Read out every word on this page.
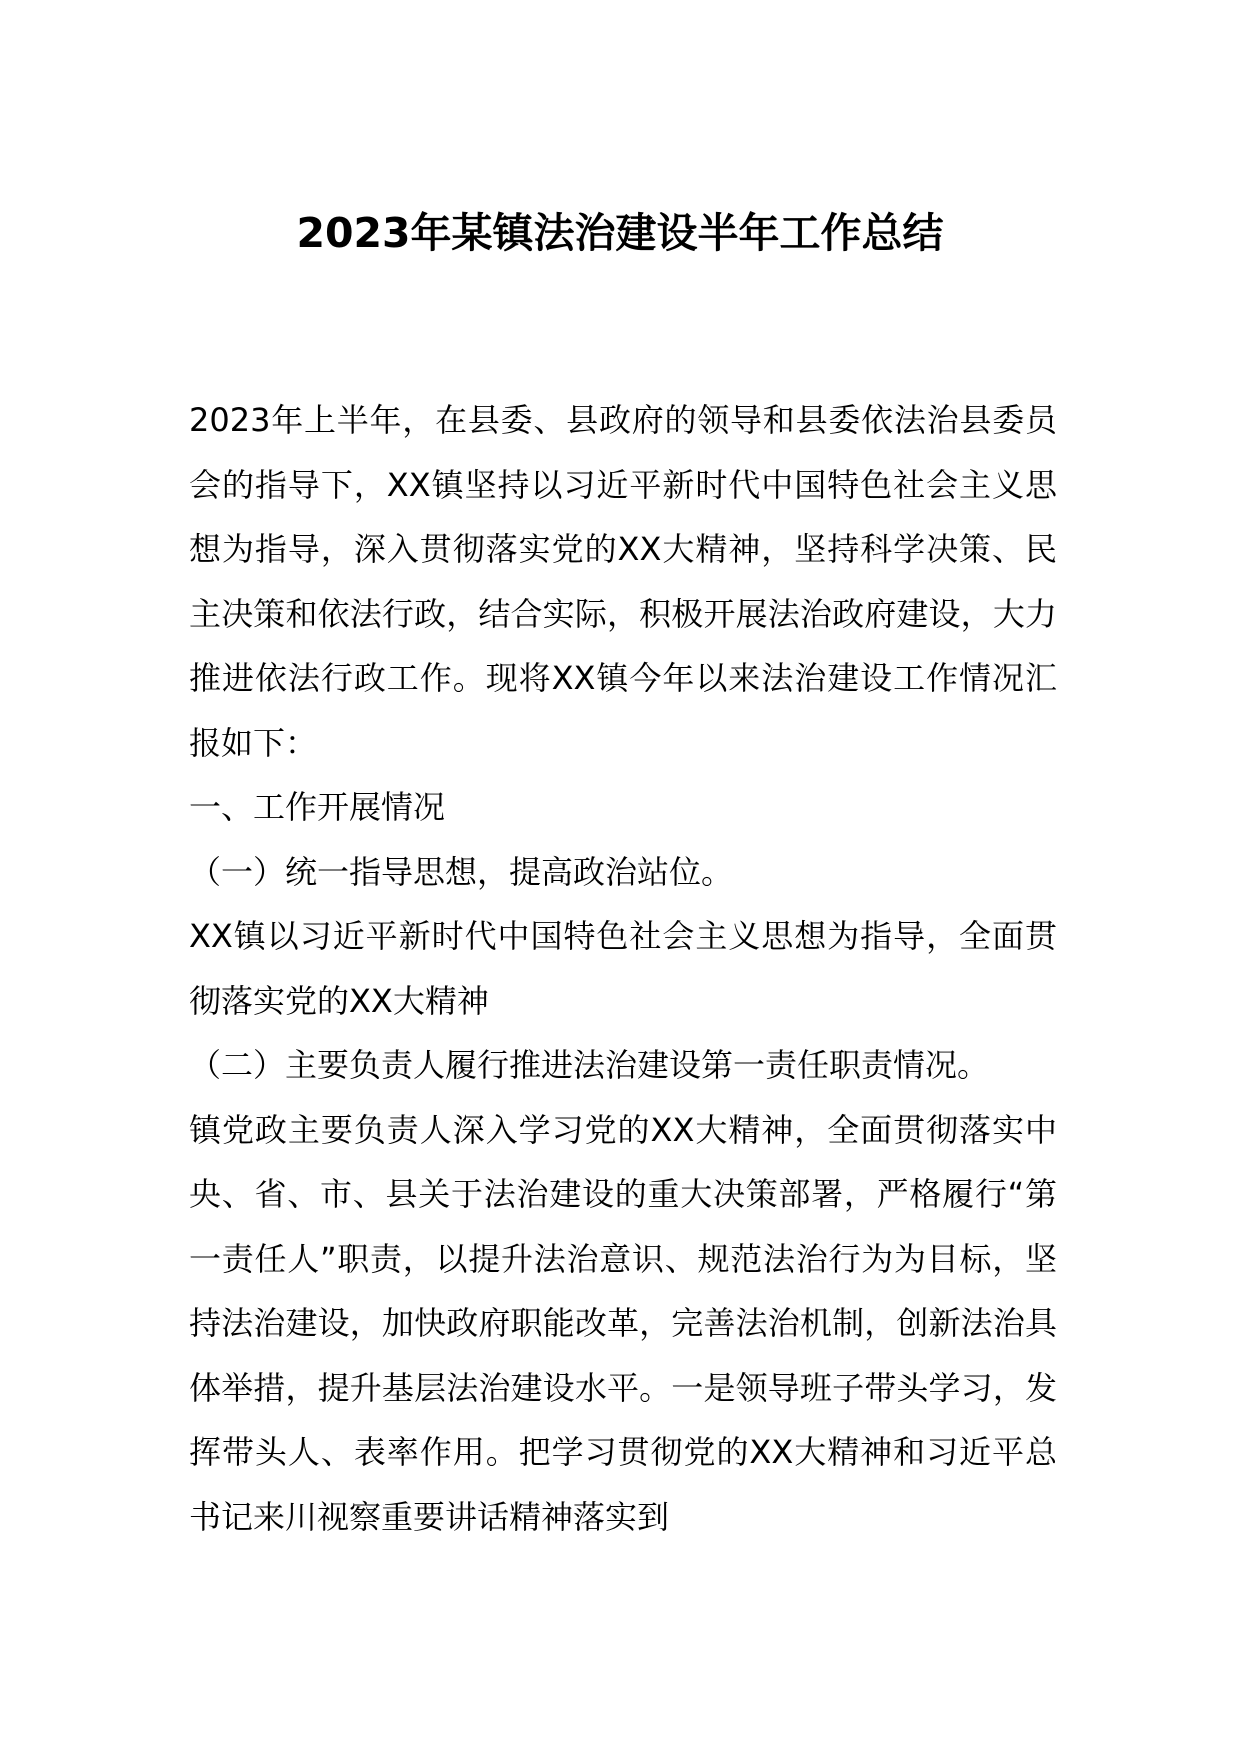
2023年某镇法治建设半年工作总结

2023年上半年，在县委、县政府的领导和县委依法治县委员会的指导下，XX镇坚持以习近平新时代中国特色社会主义思想为指导，深入贯彻落实党的XX大精神，坚持科学决策、民主决策和依法行政，结合实际，积极开展法治政府建设，大力推进依法行政工作。现将XX镇今年以来法治建设工作情况汇报如下：

一、工作开展情况

（一）统一指导思想，提高政治站位。

XX镇以习近平新时代中国特色社会主义思想为指导，全面贯彻落实党的XX大精神

（二）主要负责人履行推进法治建设第一责任职责情况。

镇党政主要负责人深入学习党的XX大精神，全面贯彻落实中央、省、市、县关于法治建设的重大决策部署，严格履行“第一责任人”职责，以提升法治意识、规范法治行为为目标，坚持法治建设，加快政府职能改革，完善法治机制，创新法治具体举措，提升基层法治建设水平。一是领导班子带头学习，发挥带头人、表率作用。把学习贯彻党的XX大精神和习近平总书记来川视察重要讲话精神落实到
